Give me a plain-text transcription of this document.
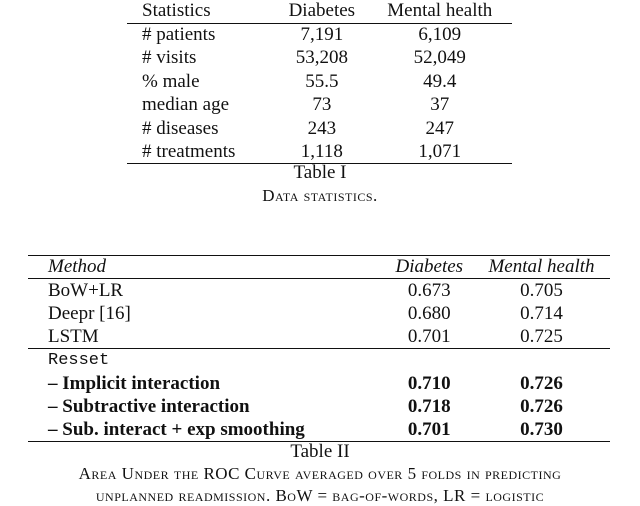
Statistics	Diabetes	Mental health
# patients	7,191	6,109
# visits	53,208	52,049
% male	55.5	49.4
median age	73	37
# diseases	243	247
# treatments	1,118	1,071
Table I
Data statistics.
Method	Diabetes	Mental health
BoW+LR	0.673	0.705
Deepr [16]	0.680	0.714
LSTM	0.701	0.725
Resset		
– Implicit interaction	0.710	0.726
– Subtractive interaction	0.718	0.726
– Sub. interact + exp smoothing	0.701	0.730
Table II
Area Under the ROC Curve averaged over 5 folds in predicting
unplanned readmission. BoW = bag-of-words, LR = logistic
